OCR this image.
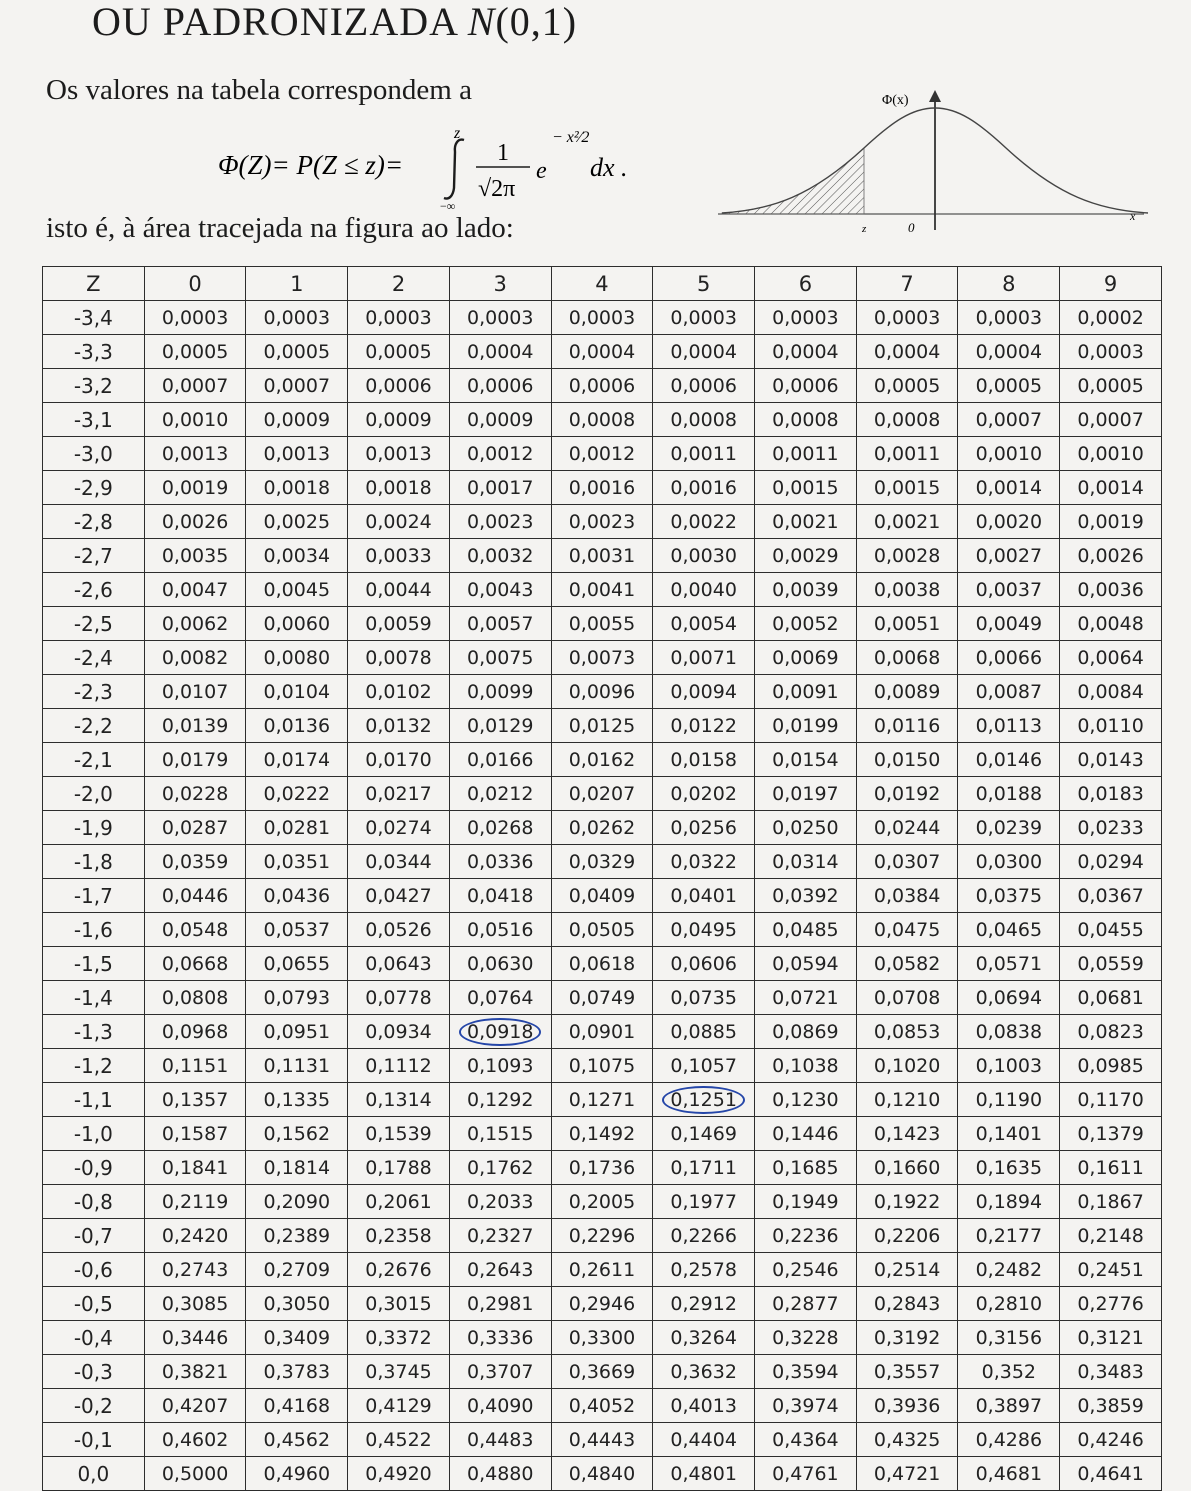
OU PADRONIZADA N(0,1)
Os valores na tabela correspondem a
Φ(Z)= P(Z ≤ z)=
z
−∞
1
√2π
e
− x²⁄2
dx .
isto é, à área tracejada na figura ao lado:
Φ(x)
x
z	0
Z	0	1	2	3	4	5	6	7	8	9
-3,4	0,0003	0,0003	0,0003	0,0003	0,0003	0,0003	0,0003	0,0003	0,0003	0,0002
-3,3	0,0005	0,0005	0,0005	0,0004	0,0004	0,0004	0,0004	0,0004	0,0004	0,0003
-3,2	0,0007	0,0007	0,0006	0,0006	0,0006	0,0006	0,0006	0,0005	0,0005	0,0005
-3,1	0,0010	0,0009	0,0009	0,0009	0,0008	0,0008	0,0008	0,0008	0,0007	0,0007
-3,0	0,0013	0,0013	0,0013	0,0012	0,0012	0,0011	0,0011	0,0011	0,0010	0,0010
-2,9	0,0019	0,0018	0,0018	0,0017	0,0016	0,0016	0,0015	0,0015	0,0014	0,0014
-2,8	0,0026	0,0025	0,0024	0,0023	0,0023	0,0022	0,0021	0,0021	0,0020	0,0019
-2,7	0,0035	0,0034	0,0033	0,0032	0,0031	0,0030	0,0029	0,0028	0,0027	0,0026
-2,6	0,0047	0,0045	0,0044	0,0043	0,0041	0,0040	0,0039	0,0038	0,0037	0,0036
-2,5	0,0062	0,0060	0,0059	0,0057	0,0055	0,0054	0,0052	0,0051	0,0049	0,0048
-2,4	0,0082	0,0080	0,0078	0,0075	0,0073	0,0071	0,0069	0,0068	0,0066	0,0064
-2,3	0,0107	0,0104	0,0102	0,0099	0,0096	0,0094	0,0091	0,0089	0,0087	0,0084
-2,2	0,0139	0,0136	0,0132	0,0129	0,0125	0,0122	0,0199	0,0116	0,0113	0,0110
-2,1	0,0179	0,0174	0,0170	0,0166	0,0162	0,0158	0,0154	0,0150	0,0146	0,0143
-2,0	0,0228	0,0222	0,0217	0,0212	0,0207	0,0202	0,0197	0,0192	0,0188	0,0183
-1,9	0,0287	0,0281	0,0274	0,0268	0,0262	0,0256	0,0250	0,0244	0,0239	0,0233
-1,8	0,0359	0,0351	0,0344	0,0336	0,0329	0,0322	0,0314	0,0307	0,0300	0,0294
-1,7	0,0446	0,0436	0,0427	0,0418	0,0409	0,0401	0,0392	0,0384	0,0375	0,0367
-1,6	0,0548	0,0537	0,0526	0,0516	0,0505	0,0495	0,0485	0,0475	0,0465	0,0455
-1,5	0,0668	0,0655	0,0643	0,0630	0,0618	0,0606	0,0594	0,0582	0,0571	0,0559
-1,4	0,0808	0,0793	0,0778	0,0764	0,0749	0,0735	0,0721	0,0708	0,0694	0,0681
-1,3	0,0968	0,0951	0,0934	0,0918	0,0901	0,0885	0,0869	0,0853	0,0838	0,0823
-1,2	0,1151	0,1131	0,1112	0,1093	0,1075	0,1057	0,1038	0,1020	0,1003	0,0985
-1,1	0,1357	0,1335	0,1314	0,1292	0,1271	0,1251	0,1230	0,1210	0,1190	0,1170
-1,0	0,1587	0,1562	0,1539	0,1515	0,1492	0,1469	0,1446	0,1423	0,1401	0,1379
-0,9	0,1841	0,1814	0,1788	0,1762	0,1736	0,1711	0,1685	0,1660	0,1635	0,1611
-0,8	0,2119	0,2090	0,2061	0,2033	0,2005	0,1977	0,1949	0,1922	0,1894	0,1867
-0,7	0,2420	0,2389	0,2358	0,2327	0,2296	0,2266	0,2236	0,2206	0,2177	0,2148
-0,6	0,2743	0,2709	0,2676	0,2643	0,2611	0,2578	0,2546	0,2514	0,2482	0,2451
-0,5	0,3085	0,3050	0,3015	0,2981	0,2946	0,2912	0,2877	0,2843	0,2810	0,2776
-0,4	0,3446	0,3409	0,3372	0,3336	0,3300	0,3264	0,3228	0,3192	0,3156	0,3121
-0,3	0,3821	0,3783	0,3745	0,3707	0,3669	0,3632	0,3594	0,3557	0,352	0,3483
-0,2	0,4207	0,4168	0,4129	0,4090	0,4052	0,4013	0,3974	0,3936	0,3897	0,3859
-0,1	0,4602	0,4562	0,4522	0,4483	0,4443	0,4404	0,4364	0,4325	0,4286	0,4246
0,0	0,5000	0,4960	0,4920	0,4880	0,4840	0,4801	0,4761	0,4721	0,4681	0,4641
